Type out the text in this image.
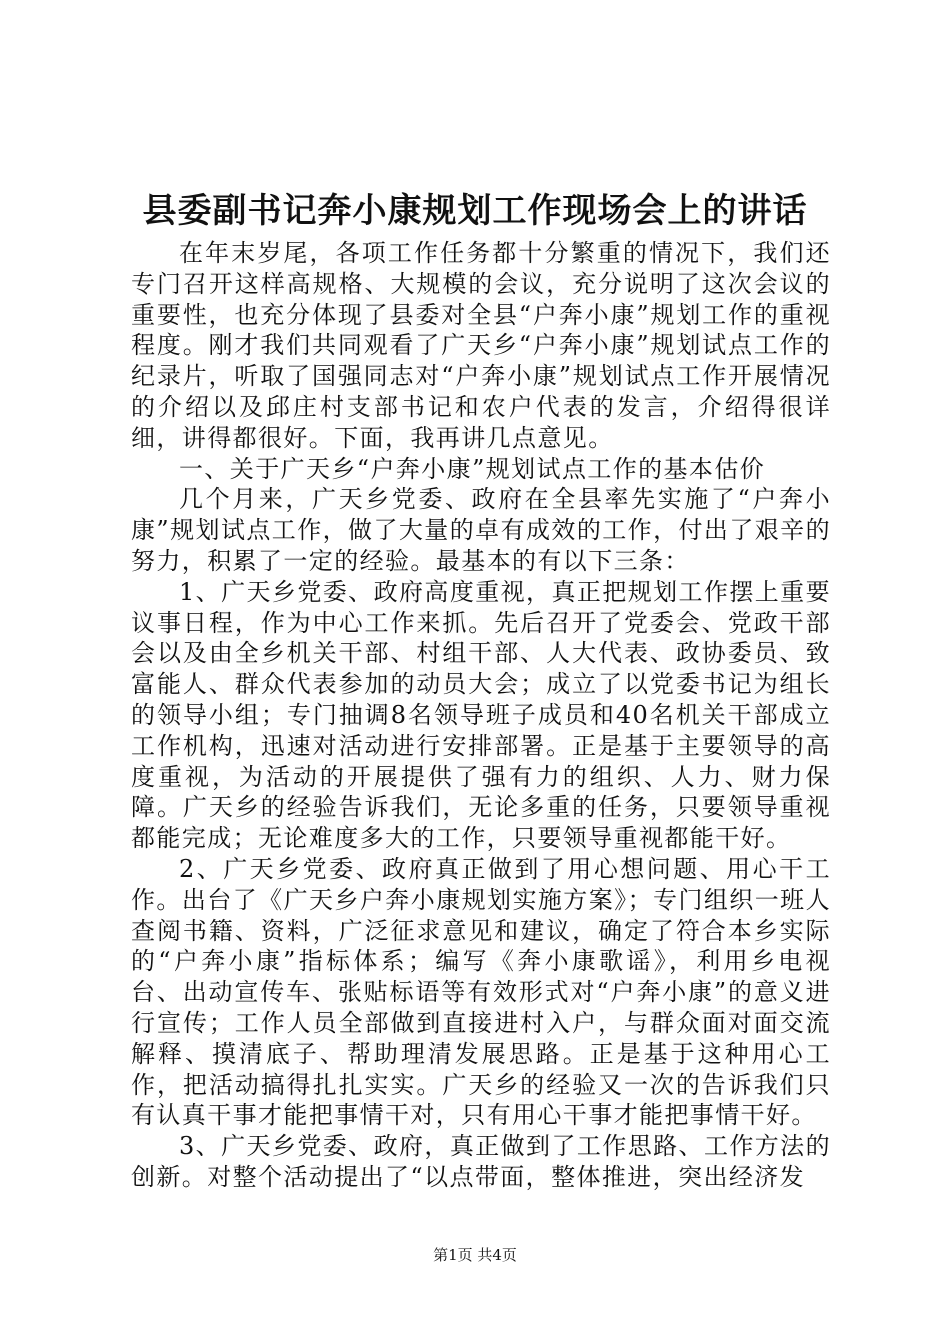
县委副书记奔小康规划工作现场会上的讲话

在年末岁尾，各项工作任务都十分繁重的情况下，我们还专门召开这样高规格、大规模的会议，充分说明了这次会议的重要性，也充分体现了县委对全县“户奔小康”规划工作的重视程度。刚才我们共同观看了广天乡“户奔小康”规划试点工作的纪录片，听取了国强同志对“户奔小康”规划试点工作开展情况的介绍以及邱庄村支部书记和农户代表的发言，介绍得很详细，讲得都很好。下面，我再讲几点意见。

一、关于广天乡“户奔小康”规划试点工作的基本估价

几个月来，广天乡党委、政府在全县率先实施了“户奔小康”规划试点工作，做了大量的卓有成效的工作，付出了艰辛的努力，积累了一定的经验。最基本的有以下三条：

1、广天乡党委、政府高度重视，真正把规划工作摆上重要议事日程，作为中心工作来抓。先后召开了党委会、党政干部会以及由全乡机关干部、村组干部、人大代表、政协委员、致富能人、群众代表参加的动员大会；成立了以党委书记为组长的领导小组；专门抽调8名领导班子成员和40名机关干部成立工作机构，迅速对活动进行安排部署。正是基于主要领导的高度重视，为活动的开展提供了强有力的组织、人力、财力保障。广天乡的经验告诉我们，无论多重的任务，只要领导重视都能完成；无论难度多大的工作，只要领导重视都能干好。

2、广天乡党委、政府真正做到了用心想问题、用心干工作。出台了《广天乡户奔小康规划实施方案》；专门组织一班人查阅书籍、资料，广泛征求意见和建议，确定了符合本乡实际的“户奔小康”指标体系；编写《奔小康歌谣》，利用乡电视台、出动宣传车、张贴标语等有效形式对“户奔小康”的意义进行宣传；工作人员全部做到直接进村入户，与群众面对面交流解释、摸清底子、帮助理清发展思路。正是基于这种用心工作，把活动搞得扎扎实实。广天乡的经验又一次的告诉我们只有认真干事才能把事情干对，只有用心干事才能把事情干好。

3、广天乡党委、政府，真正做到了工作思路、工作方法的创新。对整个活动提出了“以点带面，整体推进，突出经济发

第1页 共4页
